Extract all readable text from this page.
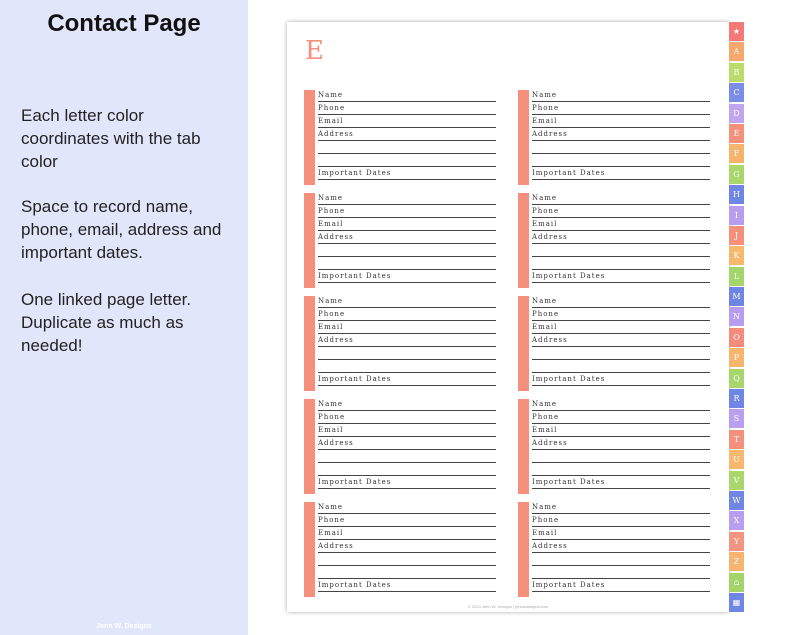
Contact Page

Each letter color coordinates with the tab color

Space to record name, phone, email, address and important dates.

One linked page letter. Duplicate as much as needed!

Jenn W. Designs
E
© 2023 Jenn W. Designs | jennwdesigns.com
Name
Phone
Email
Address
Important Dates
Name
Phone
Email
Address
Important Dates
Name
Phone
Email
Address
Important Dates
Name
Phone
Email
Address
Important Dates
Name
Phone
Email
Address
Important Dates
Name
Phone
Email
Address
Important Dates
Name
Phone
Email
Address
Important Dates
Name
Phone
Email
Address
Important Dates
Name
Phone
Email
Address
Important Dates
Name
Phone
Email
Address
Important Dates
★
A
B
C
D
E
F
G
H
I
J
K
L
M
N
O
P
Q
R
S
T
U
V
W
X
Y
Z
⌂
▦
